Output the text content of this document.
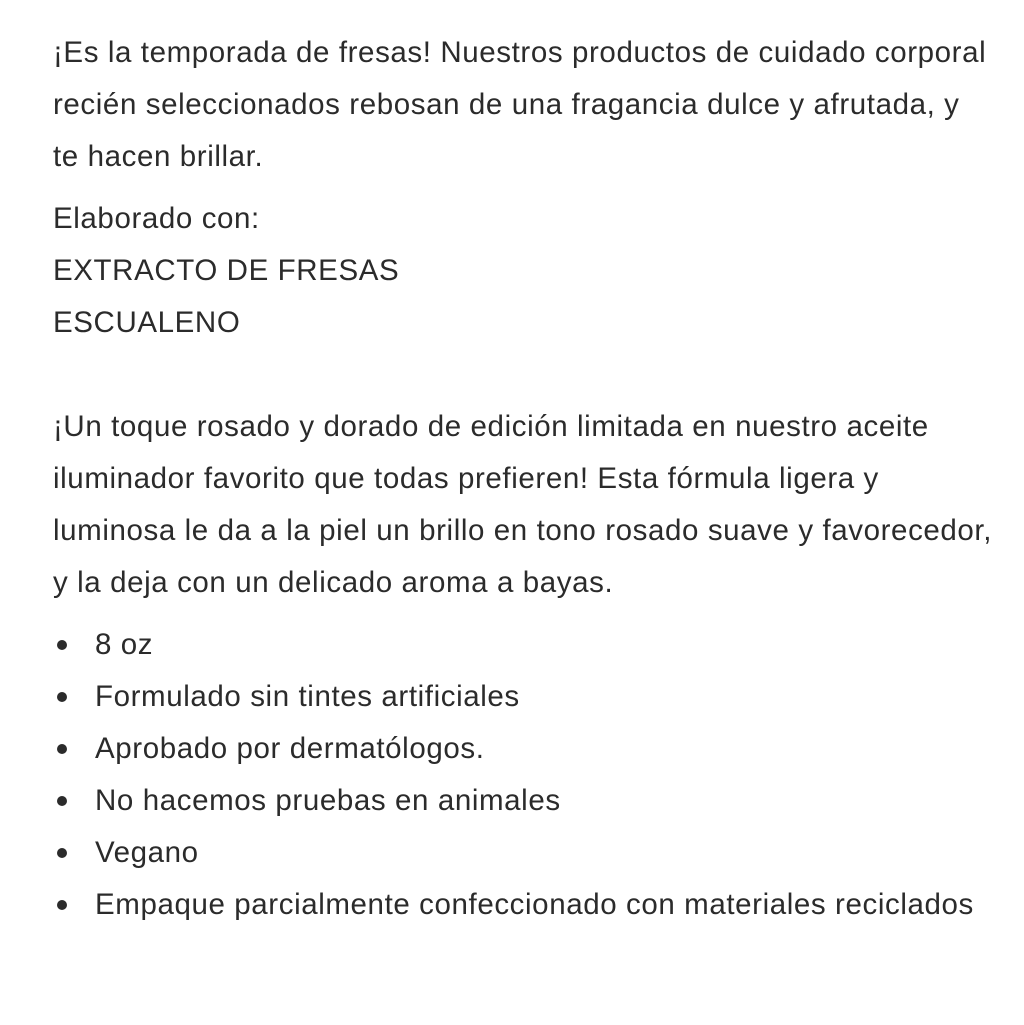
¡Es la temporada de fresas! Nuestros productos de cuidado corporal recién seleccionados rebosan de una fragancia dulce y afrutada, y te hacen brillar.

Elaborado con:
EXTRACTO DE FRESAS
ESCUALENO

¡Un toque rosado y dorado de edición limitada en nuestro aceite iluminador favorito que todas prefieren! Esta fórmula ligera y luminosa le da a la piel un brillo en tono rosado suave y favorecedor, y la deja con un delicado aroma a bayas.

8 oz
Formulado sin tintes artificiales
Aprobado por dermatólogos.
No hacemos pruebas en animales
Vegano
Empaque parcialmente confeccionado con materiales reciclados
